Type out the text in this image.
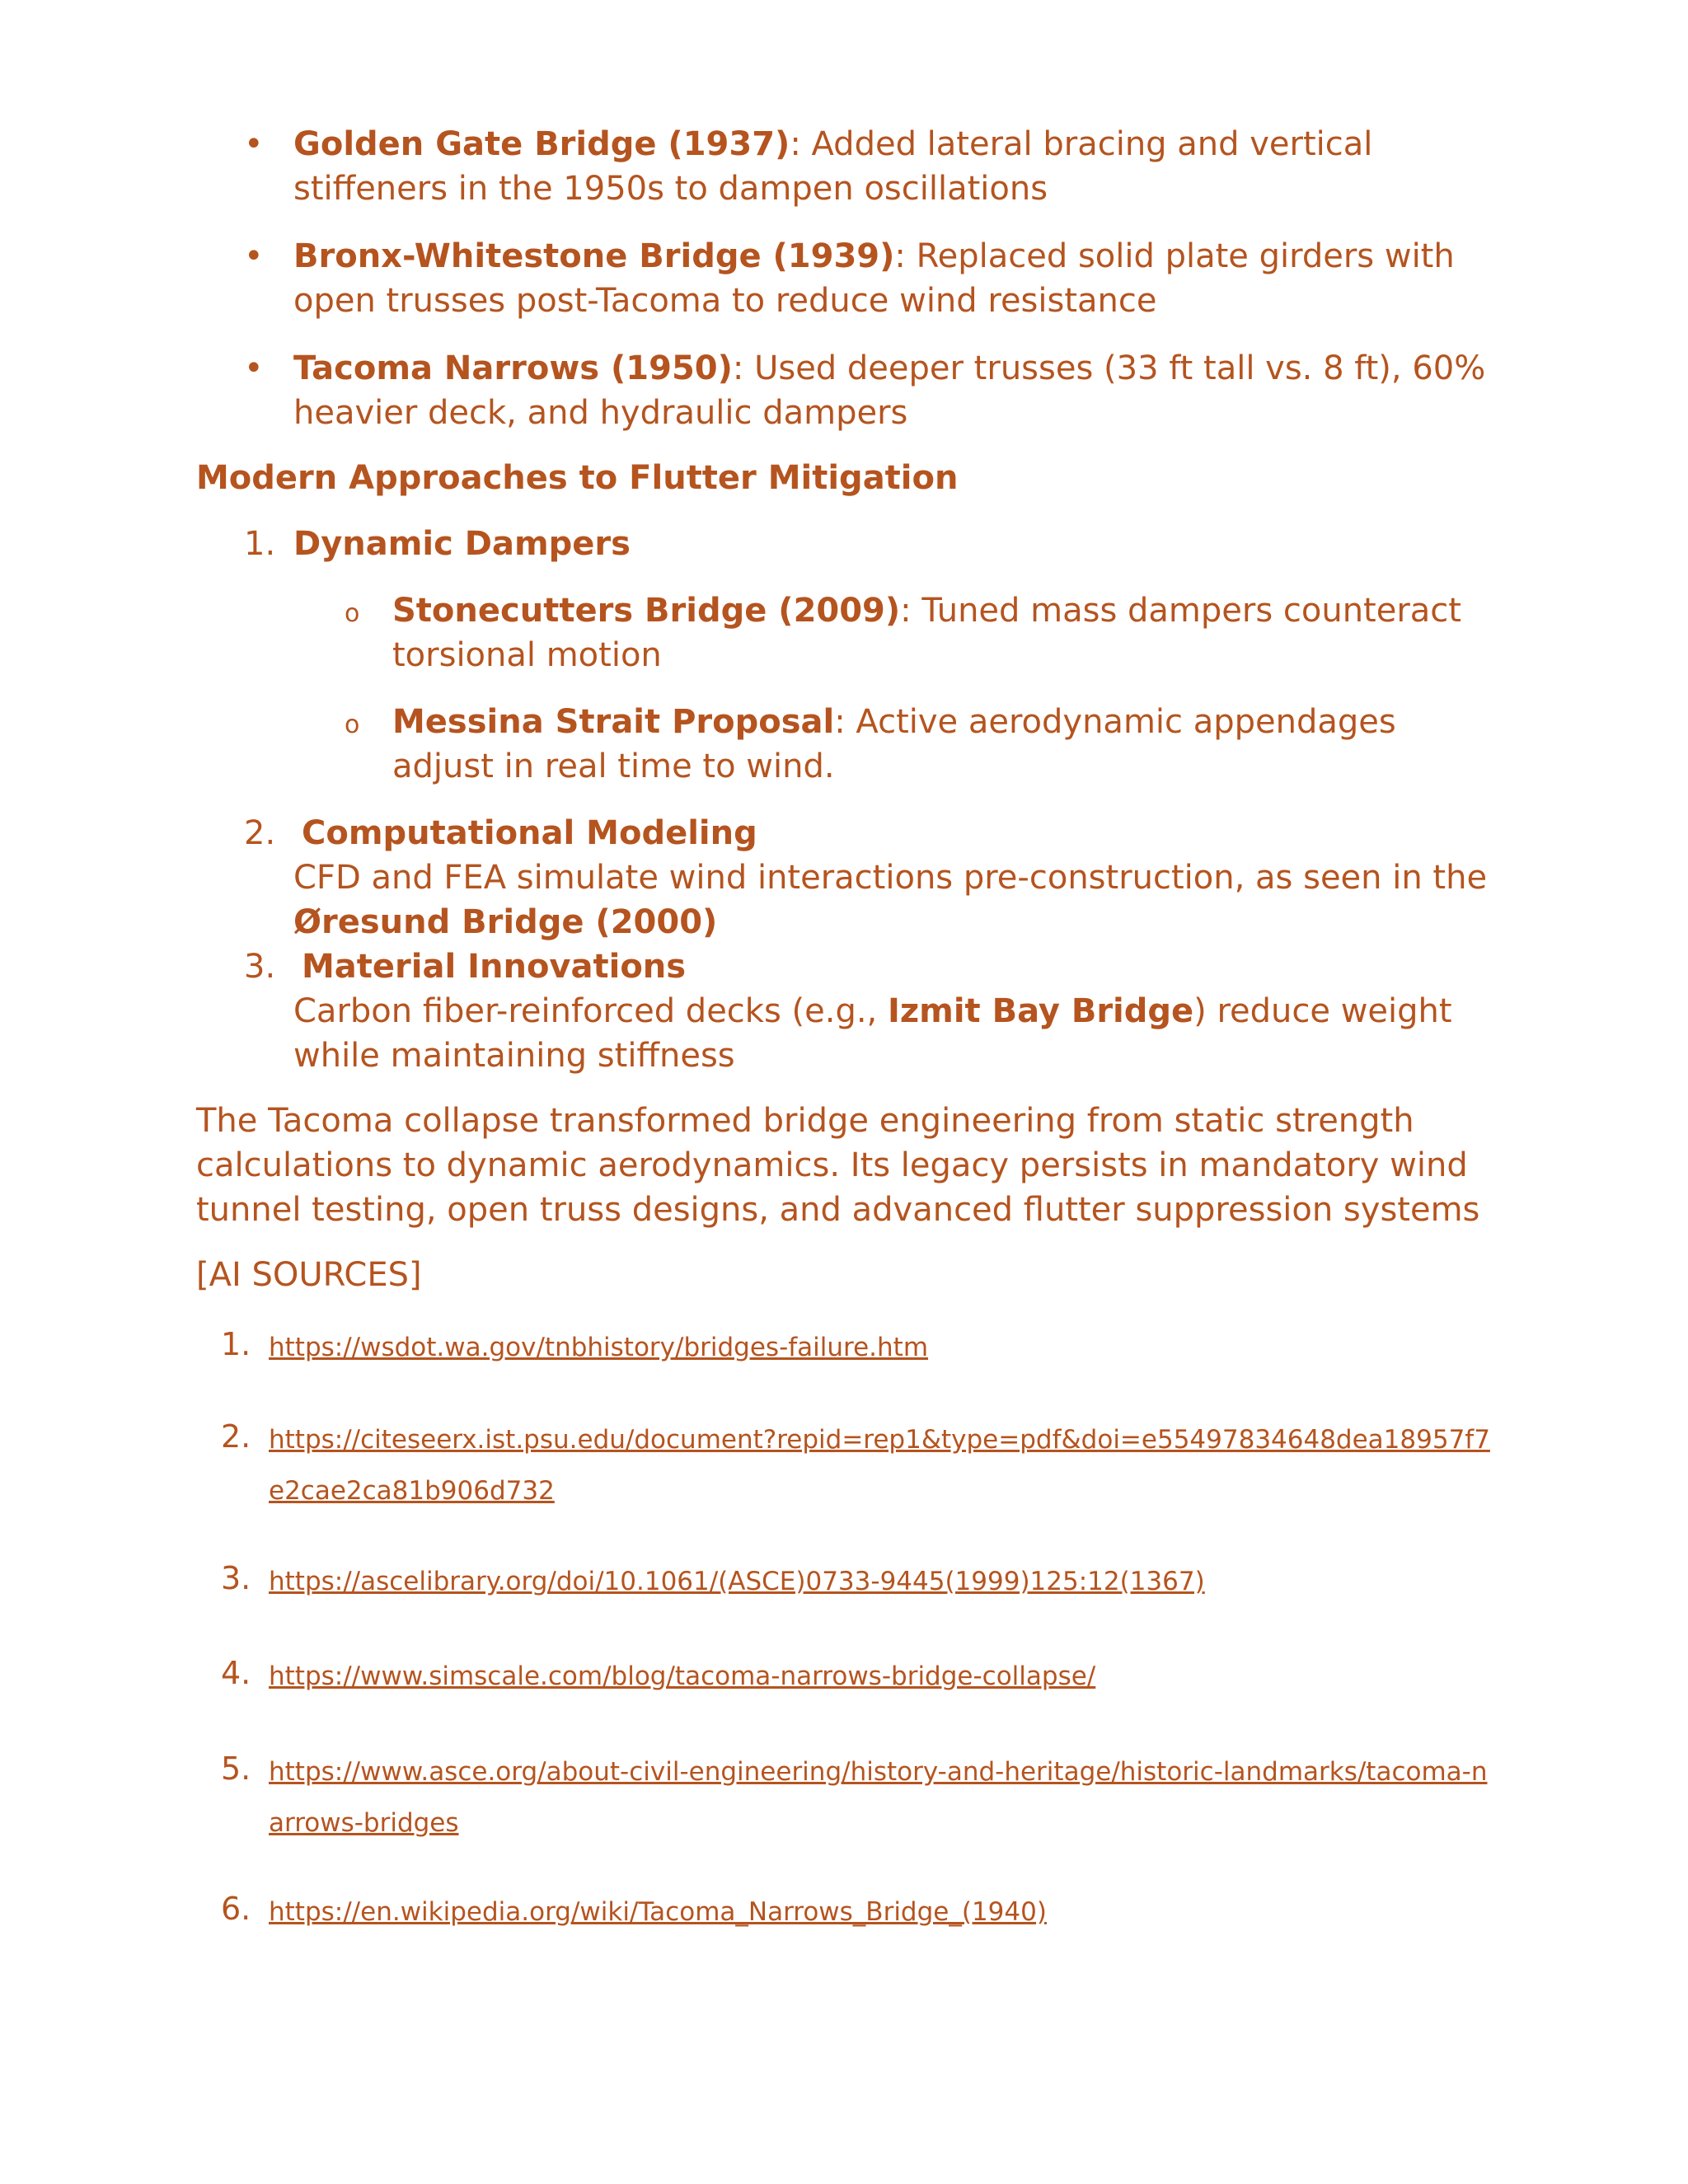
• Golden Gate Bridge (1937): Added lateral bracing and vertical stiffeners in the 1950s to dampen oscillations
• Bronx-Whitestone Bridge (1939): Replaced solid plate girders with open trusses post-Tacoma to reduce wind resistance
• Tacoma Narrows (1950): Used deeper trusses (33 ft tall vs. 8 ft), 60% heavier deck, and hydraulic dampers
Modern Approaches to Flutter Mitigation
1. Dynamic Dampers
o Stonecutters Bridge (2009): Tuned mass dampers counteract torsional motion
o Messina Strait Proposal: Active aerodynamic appendages adjust in real time to wind.
2. Computational Modeling
CFD and FEA simulate wind interactions pre-construction, as seen in the Øresund Bridge (2000)
3. Material Innovations
Carbon fiber-reinforced decks (e.g., Izmit Bay Bridge) reduce weight while maintaining stiffness

The Tacoma collapse transformed bridge engineering from static strength calculations to dynamic aerodynamics. Its legacy persists in mandatory wind tunnel testing, open truss designs, and advanced flutter suppression systems

[AI SOURCES]

1. https://wsdot.wa.gov/tnbhistory/bridges-failure.htm
2. https://citeseerx.ist.psu.edu/document?repid=rep1&type=pdf&doi=e55497834648dea18957f7e2cae2ca81b906d732
3. https://ascelibrary.org/doi/10.1061/(ASCE)0733-9445(1999)125:12(1367)
4. https://www.simscale.com/blog/tacoma-narrows-bridge-collapse/
5. https://www.asce.org/about-civil-engineering/history-and-heritage/historic-landmarks/tacoma-narrows-bridges
6. https://en.wikipedia.org/wiki/Tacoma_Narrows_Bridge_(1940)
